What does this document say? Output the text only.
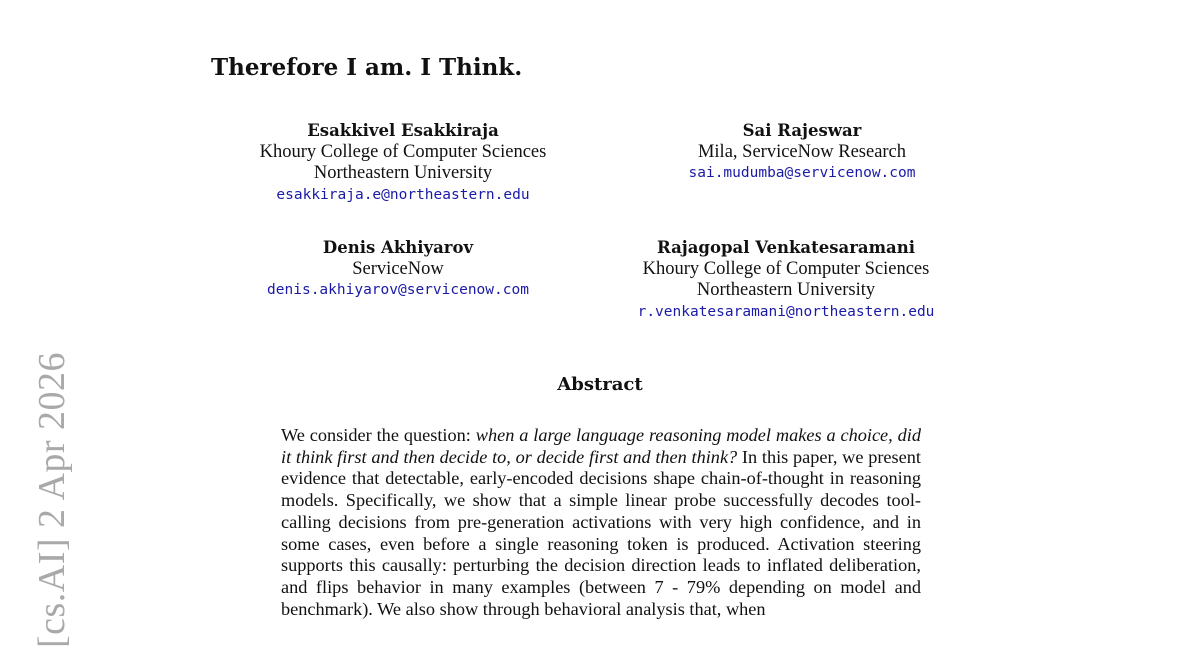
Therefore I am. I Think.
Esakkivel Esakkiraja
Khoury College of Computer Sciences
Northeastern University
esakkiraja.e@northeastern.edu
Sai Rajeswar
Mila, ServiceNow Research
sai.mudumba@servicenow.com
Denis Akhiyarov
ServiceNow
denis.akhiyarov@servicenow.com
Rajagopal Venkatesaramani
Khoury College of Computer Sciences
Northeastern University
r.venkatesaramani@northeastern.edu
Abstract
We consider the question: when a large language reasoning model makes a choice, did it think first and then decide to, or decide first and then think? In this paper, we present evidence that detectable, early-encoded decisions shape chain-of-thought in reasoning models. Specifically, we show that a simple linear probe successfully decodes tool-calling decisions from pre-generation activations with very high confidence, and in some cases, even before a single reasoning token is produced. Activation steering supports this causally: perturbing the decision direction leads to inflated deliberation, and flips behavior in many examples (between 7 - 79% depending on model and benchmark). We also show through behavioral analysis that, when
[cs.AI] 2 Apr 2026
